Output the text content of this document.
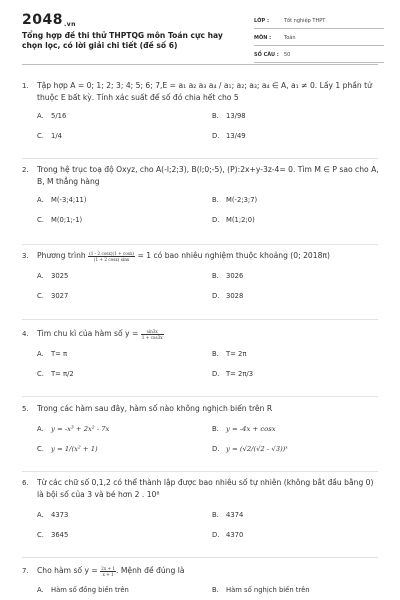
2048.vn
Tổng hợp đề thi thử THPTQG môn Toán cực hay chọn lọc, có lời giải chi tiết (đề số 6)
LỚP :	Tốt nghiệp THPT
MÔN :	Toán
SỐ CÂU :	50
1.	Tập hợp A = 0; 1; 2; 3; 4; 5; 6; 7,E = a₁ a₂ a₃ a₄ / a₁; a₂; a₃; a₄ ∈ A, a₁ ≠ 0. Lấy 1 phần tử thuộc E bất kỳ. Tính xác suất để số đó chia hết cho 5
A. 5/16	B. 13/98
C. 1/4	D. 13/49
2.	Trong hệ trục toạ độ Oxyz, cho A(-l;2;3), B(l;0;-5), (P):2x+y-3z-4= 0. Tìm M ∈ P sao cho A, B, M thẳng hàng
A. M(-3;4;11)	B. M(-2;3;7)
C. M(0;1;-1)	D. M(1;2;0)
3.	Phương trình $\frac{(1 - 2 \cos x)(1 + \cos x)}{(1 + 2 \cos x) \sin x} = 1$ có bao nhiêu nghiệm thuộc khoảng (0; 2018π)
A. 3025	B. 3026
C. 3027	D. 3028
4.	Tìm chu kì của hàm số $y = \frac{\sin 3x}{1 + \cos 3x}$
A. T= π	B. T= 2π
C. T= π/2	D. T= 2π/3
5.	Trong các hàm sau đây, hàm số nào không nghịch biến trên R
A. y = -x³ + 2x² - 7x	B. y = -4x + cosx
C. y = 1/(x² + 1)	D. y = (√2/(√2 - √3))ˣ
6.	Từ các chữ số 0,1,2 có thể thành lập được bao nhiêu số tự nhiên (không bắt đầu bằng 0) là bội số của 3 và bé hơn 2 . 10⁸
A. 4373	B. 4374
C. 3645	D. 4370
7.	Cho hàm số $y = \frac{2x + 1}{x + 1}$ . Mệnh đề đúng là
A. Hàm số đồng biến trên	B. Hàm số nghịch biến trên
